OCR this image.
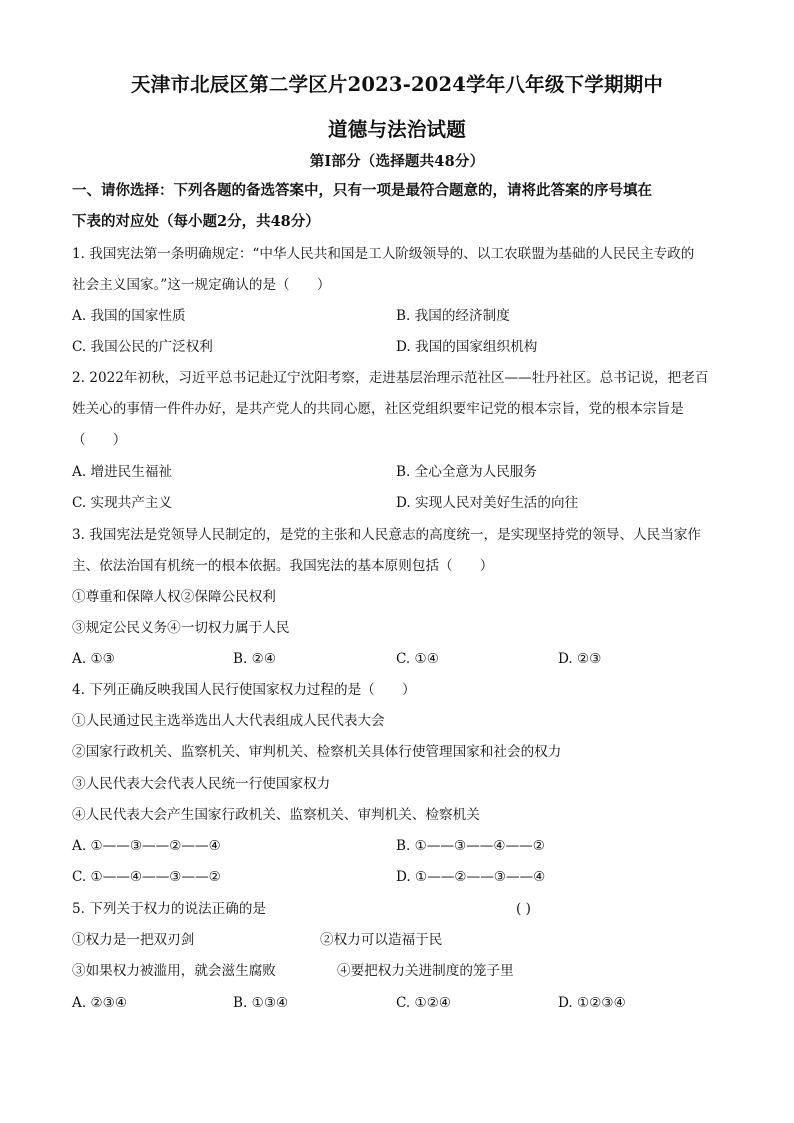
天津市北辰区第二学区片2023-2024学年八年级下学期期中
道德与法治试题
第Ⅰ部分（选择题共48分）
一、请你选择：下列各题的备选答案中，只有一项是最符合题意的，请将此答案的序号填在
下表的对应处（每小题2分，共48分）
1. 我国宪法第一条明确规定：“中华人民共和国是工人阶级领导的、以工农联盟为基础的人民民主专政的
社会主义国家。”这一规定确认的是（　　）
A. 我国的国家性质	B. 我国的经济制度
C. 我国公民的广泛权利	D. 我国的国家组织机构
2. 2022年初秋，习近平总书记赴辽宁沈阳考察，走进基层治理示范社区——牡丹社区。总书记说，把老百
姓关心的事情一件件办好，是共产党人的共同心愿，社区党组织要牢记党的根本宗旨，党的根本宗旨是
（　　）
A. 增进民生福祉	B. 全心全意为人民服务
C. 实现共产主义	D. 实现人民对美好生活的向往
3. 我国宪法是党领导人民制定的，是党的主张和人民意志的高度统一，是实现坚持党的领导、人民当家作
主、依法治国有机统一的根本依据。我国宪法的基本原则包括（　　）
①尊重和保障人权②保障公民权利
③规定公民义务④一切权力属于人民
A. ①③	B. ②④	C. ①④	D. ②③
4. 下列正确反映我国人民行使国家权力过程的是（　　）
①人民通过民主选举选出人大代表组成人民代表大会
②国家行政机关、监察机关、审判机关、检察机关具体行使管理国家和社会的权力
③人民代表大会代表人民统一行使国家权力
④人民代表大会产生国家行政机关、监察机关、审判机关、检察机关
A. ①——③——②——④	B. ①——③——④——②
C. ①——④——③——②	D. ①——②——③——④
5. 下列关于权力的说法正确的是	( )
①权力是一把双刃剑	②权力可以造福于民
③如果权力被滥用，就会滋生腐败	④要把权力关进制度的笼子里
A. ②③④	B. ①③④	C. ①②④	D. ①②③④
